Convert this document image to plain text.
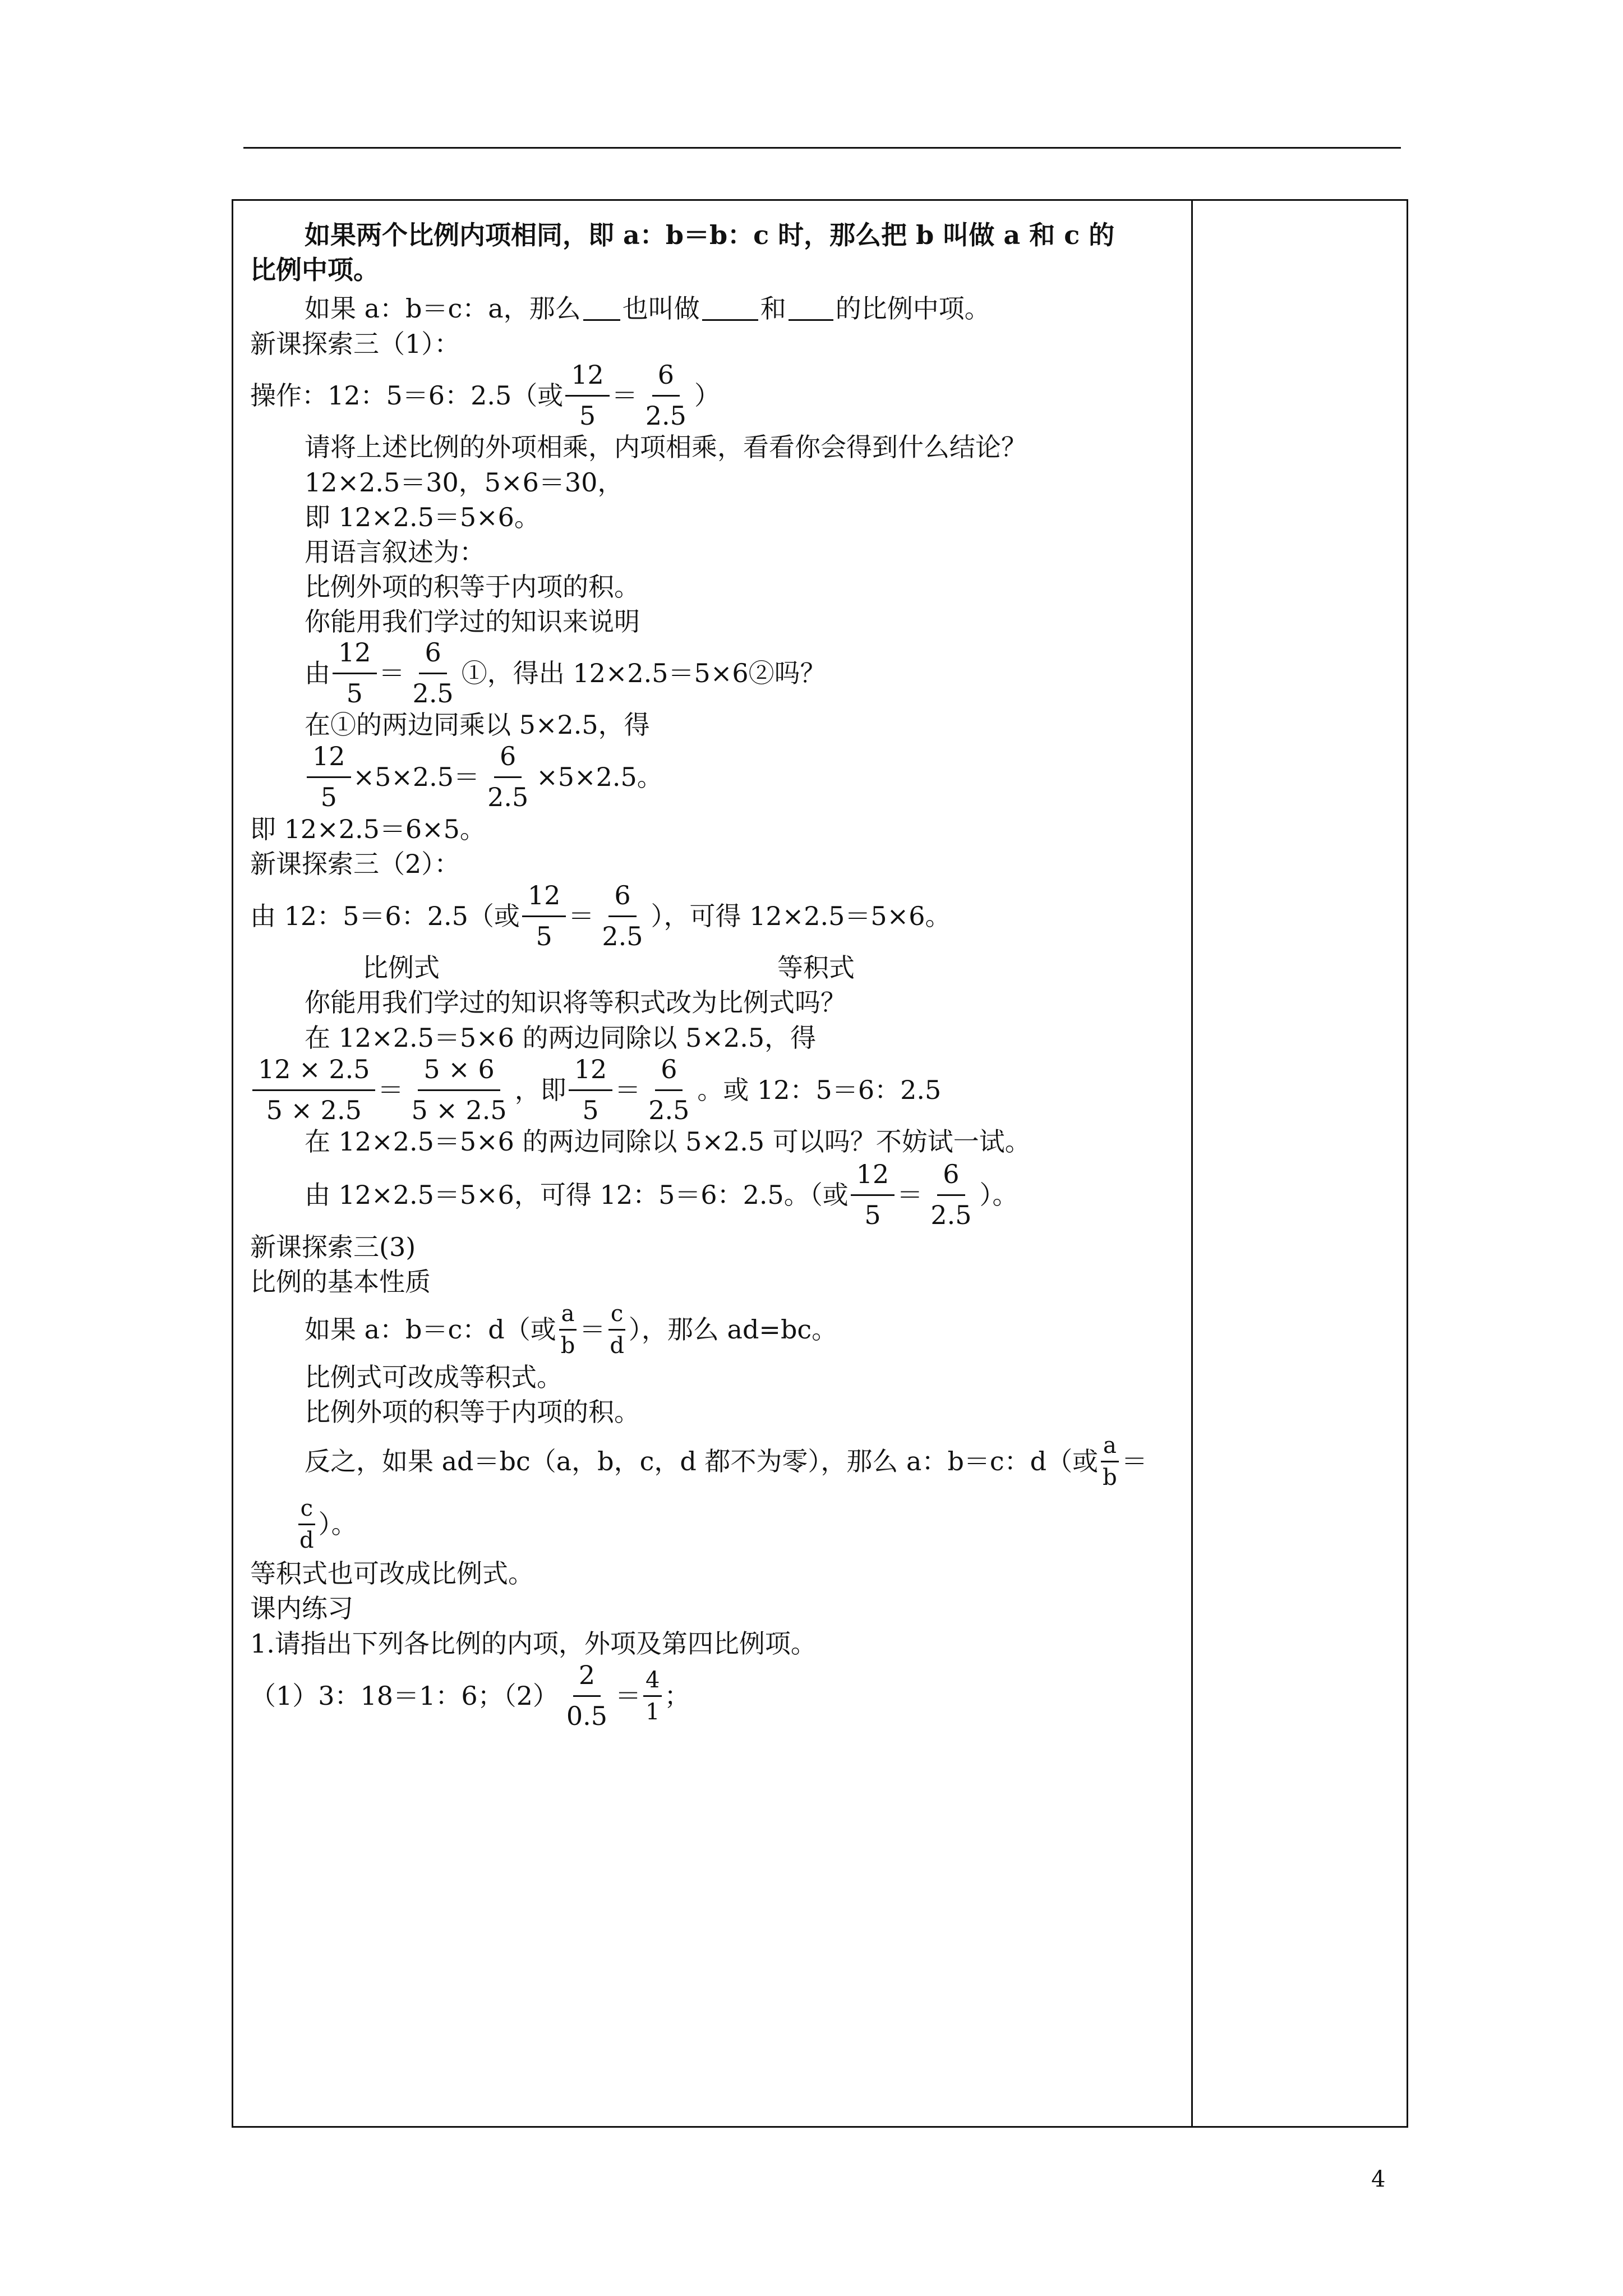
如果两个比例内项相同，即 a：b＝b：c 时，那么把 b 叫做 a 和 c 的
比例中项。
如果 a：b＝c：a，那么 也叫做 和 的比例中项。
新课探索三（1）：
操作：12：5＝6：2.5（或 $\frac{12}{5} = \frac{6}{2.5}$ ）
请将上述比例的外项相乘，内项相乘，看看你会得到什么结论？
12×2.5＝30，5×6＝30，
即 12×2.5＝5×6。
用语言叙述为：
比例外项的积等于内项的积。
你能用我们学过的知识来说明
由 $\frac{12}{5} = \frac{6}{2.5}$ ①，得出 12×2.5＝5×6②吗？
在①的两边同乘以 5×2.5，得
$\frac{12}{5} \times 5\times 2.5= \frac{6}{2.5} \times 5\times 2.5$。
即 12×2.5＝6×5。
新课探索三（2）：
由 12：5＝6：2.5（或 $\frac{12}{5} = \frac{6}{2.5}$ ），可得 12×2.5＝5×6。
比例式	等积式
你能用我们学过的知识将等积式改为比例式吗？
在 12×2.5＝5×6 的两边同除以 5×2.5，得
$\frac{12 \times 2.5}{5 \times 2.5} = \frac{5 \times 6}{5 \times 2.5}$ ，即 $\frac{12}{5} = \frac{6}{2.5}$ 。或 12：5＝6：2.5
在 12×2.5＝5×6 的两边同除以 5×2.5 可以吗？不妨试一试。
由 12×2.5＝5×6，可得 12：5＝6：2.5。（或 $\frac{12}{5} = \frac{6}{2.5}$ ）。
新课探索三(3)
比例的基本性质
如果 a：b＝c：d（或 $\frac{a}{b} = \frac{c}{d}$ ），那么 ad=bc。
比例式可改成等积式。
比例外项的积等于内项的积。
反之，如果 ad＝bc（a，b，c，d 都不为零），那么 a：b＝c：d（或 $\frac{a}{b}$ ＝
$\frac{c}{d}$ ）。
等积式也可改成比例式。
课内练习
1.请指出下列各比例的内项，外项及第四比例项。
（1）3：18＝1：6；$(2) \frac{2}{0.5} = \frac{4}{1}$ ；
4
